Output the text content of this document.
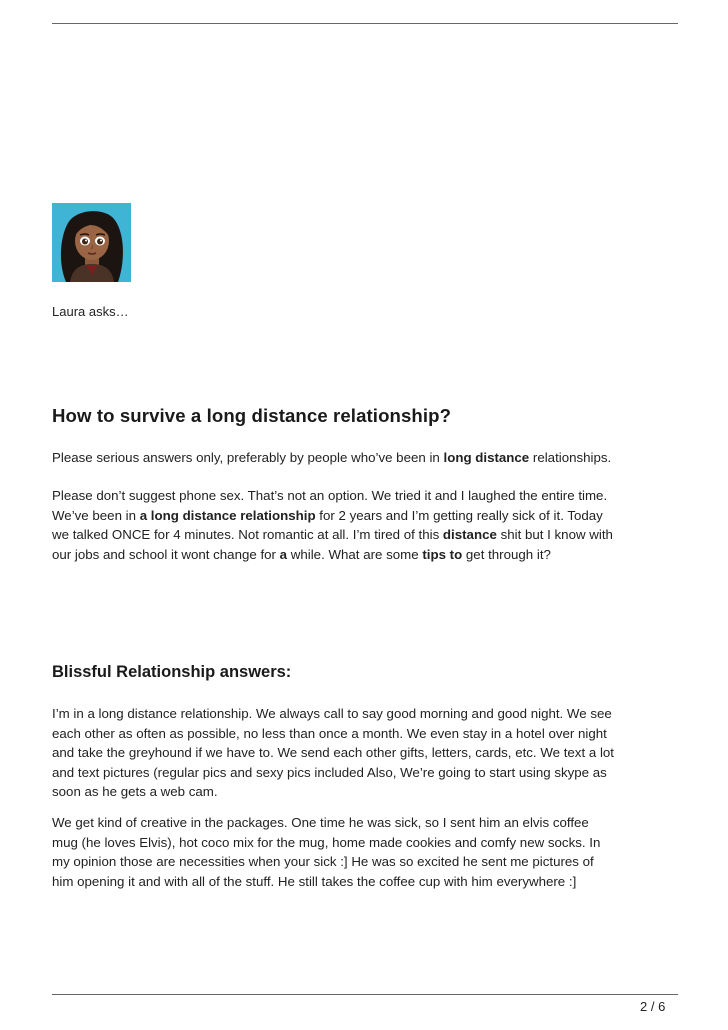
Laura asks…
How to survive a long distance relationship?

Please serious answers only, preferably by people who’ve been in long distance relationships.

Please don’t suggest phone sex. That’s not an option. We tried it and I laughed the entire time.
We’ve been in a long distance relationship for 2 years and I’m getting really sick of it. Today
we talked ONCE for 4 minutes. Not romantic at all. I’m tired of this distance shit but I know with
our jobs and school it wont change for a while. What are some tips to get through it?

Blissful Relationship answers:

I’m in a long distance relationship. We always call to say good morning and good night. We see
each other as often as possible, no less than once a month. We even stay in a hotel over night
and take the greyhound if we have to. We send each other gifts, letters, cards, etc. We text a lot
and text pictures (regular pics and sexy pics included Also, We’re going to start using skype as
soon as he gets a web cam.

We get kind of creative in the packages. One time he was sick, so I sent him an elvis coffee
mug (he loves Elvis), hot coco mix for the mug, home made cookies and comfy new socks. In
my opinion those are necessities when your sick :] He was so excited he sent me pictures of
him opening it and with all of the stuff. He still takes the coffee cup with him everywhere :]

2 / 6
